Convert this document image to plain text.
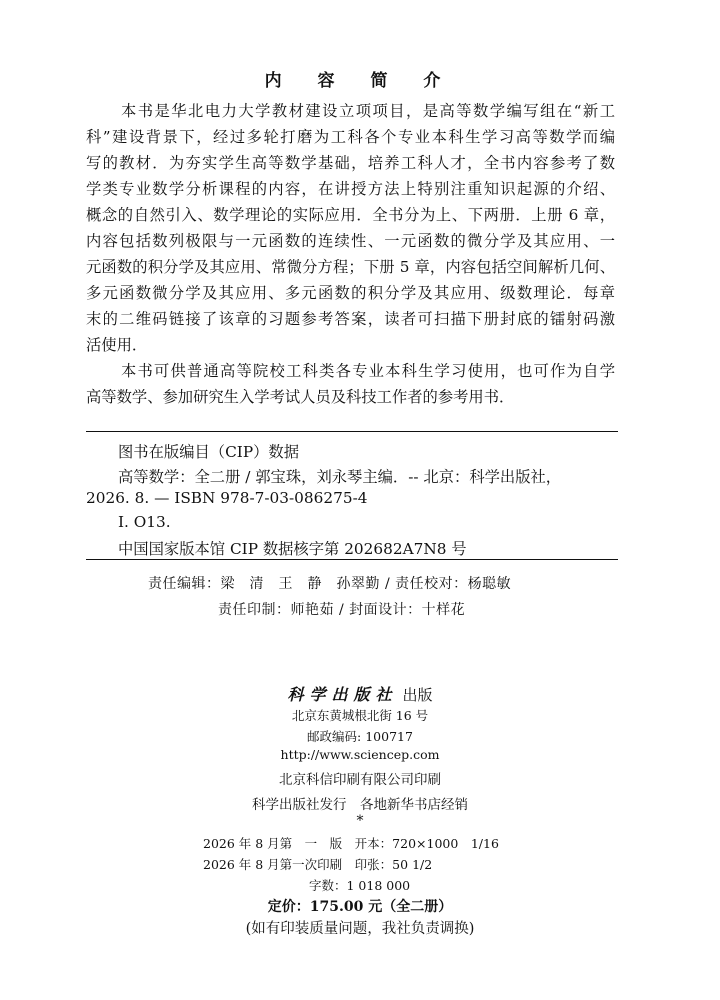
内 容 简 介
本书是华北电力大学教材建设立项项目，是高等数学编写组在“新工
科”建设背景下，经过多轮打磨为工科各个专业本科生学习高等数学而编
写的教材．为夯实学生高等数学基础，培养工科人才，全书内容参考了数
学类专业数学分析课程的内容，在讲授方法上特别注重知识起源的介绍、
概念的自然引入、数学理论的实际应用．全书分为上、下两册．上册 6 章，
内容包括数列极限与一元函数的连续性、一元函数的微分学及其应用、一
元函数的积分学及其应用、常微分方程；下册 5 章，内容包括空间解析几何、
多元函数微分学及其应用、多元函数的积分学及其应用、级数理论．每章
末的二维码链接了该章的习题参考答案，读者可扫描下册封底的镭射码激
活使用．
本书可供普通高等院校工科类各专业本科生学习使用，也可作为自学
高等数学、参加研究生入学考试人员及科技工作者的参考用书．
图书在版编目（CIP）数据
高等数学：全二册 / 郭宝珠，刘永琴主编．-- 北京：科学出版社，
2026. 8. — ISBN 978-7-03-086275-4
Ⅰ. O13.
中国国家版本馆 CIP 数据核字第 202682A7N8 号
责任编辑：梁　清　王　静　孙翠勤 / 责任校对：杨聪敏
责任印制：师艳茹 / 封面设计：十样花
科学出版社 出版
北京东黄城根北街 16 号
邮政编码: 100717
http://www.sciencep.com
北京科信印刷有限公司印刷
科学出版社发行　各地新华书店经销
*
2026 年 8 月第　一　版　开本：720×1000　1/16
2026 年 8 月第一次印刷　印张：50 1/2
字数：1 018 000
定价：175.00 元（全二册）
(如有印装质量问题，我社负责调换)
